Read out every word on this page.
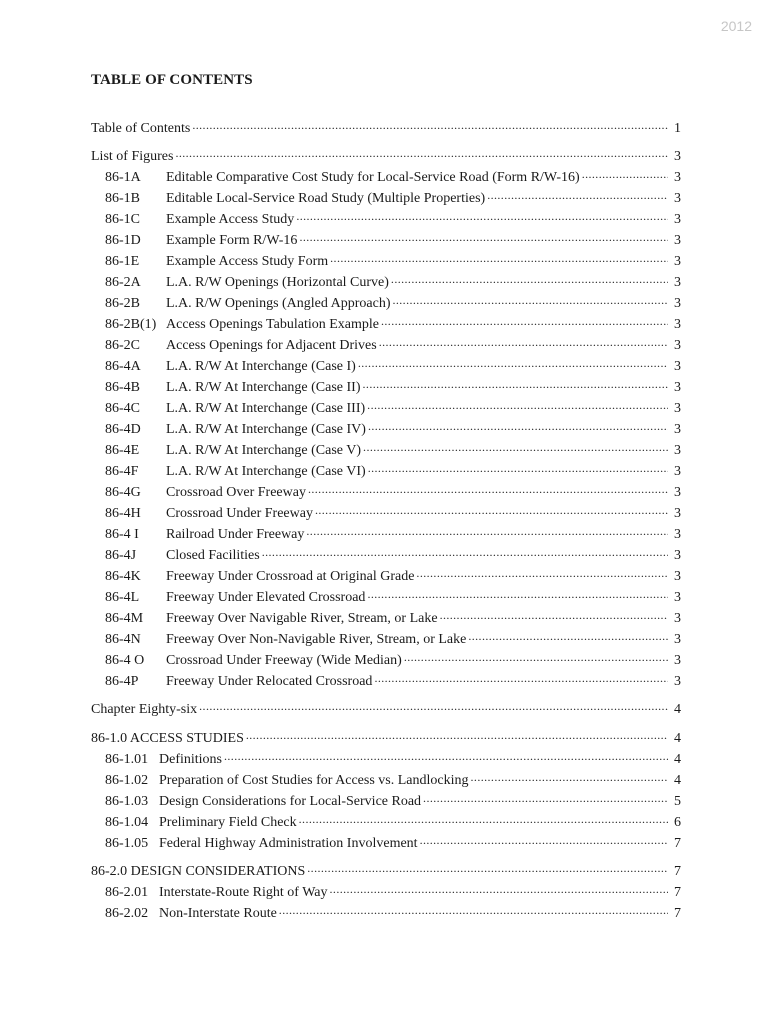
2012
TABLE OF CONTENTS
Table of Contents .....	1
List of Figures .....	3
86-1A	Editable Comparative Cost Study for Local-Service Road (Form R/W-16) .....	3
86-1B	Editable Local-Service Road Study (Multiple Properties) .....	3
86-1C	Example Access Study .....	3
86-1D	Example Form R/W-16 .....	3
86-1E	Example Access Study Form .....	3
86-2A	L.A. R/W Openings (Horizontal Curve) .....	3
86-2B	L.A. R/W Openings (Angled Approach) .....	3
86-2B(1) Access Openings Tabulation Example .....	3
86-2C	Access Openings for Adjacent Drives .....	3
86-4A	L.A. R/W At Interchange (Case I) .....	3
86-4B	L.A. R/W At Interchange (Case II) .....	3
86-4C	L.A. R/W At Interchange (Case III) .....	3
86-4D	L.A. R/W At Interchange (Case IV) .....	3
86-4E	L.A. R/W At Interchange (Case V) .....	3
86-4F	L.A. R/W At Interchange (Case VI) .....	3
86-4G	Crossroad Over Freeway .....	3
86-4H	Crossroad Under Freeway .....	3
86-4 I	Railroad Under Freeway .....	3
86-4J	Closed Facilities .....	3
86-4K	Freeway Under Crossroad at Original Grade .....	3
86-4L	Freeway Under Elevated Crossroad .....	3
86-4M	Freeway Over Navigable River, Stream, or Lake .....	3
86-4N	Freeway Over Non-Navigable River, Stream, or Lake .....	3
86-4 O	Crossroad Under Freeway (Wide Median) .....	3
86-4P	Freeway Under Relocated Crossroad .....	3
Chapter Eighty-six .....	4
86-1.0 ACCESS STUDIES .....	4
86-1.01 Definitions .....	4
86-1.02 Preparation of Cost Studies for Access vs. Landlocking .....	4
86-1.03 Design Considerations for Local-Service Road .....	5
86-1.04 Preliminary Field Check .....	6
86-1.05 Federal Highway Administration Involvement .....	7
86-2.0 DESIGN CONSIDERATIONS .....	7
86-2.01 Interstate-Route Right of Way .....	7
86-2.02 Non-Interstate Route .....	7
